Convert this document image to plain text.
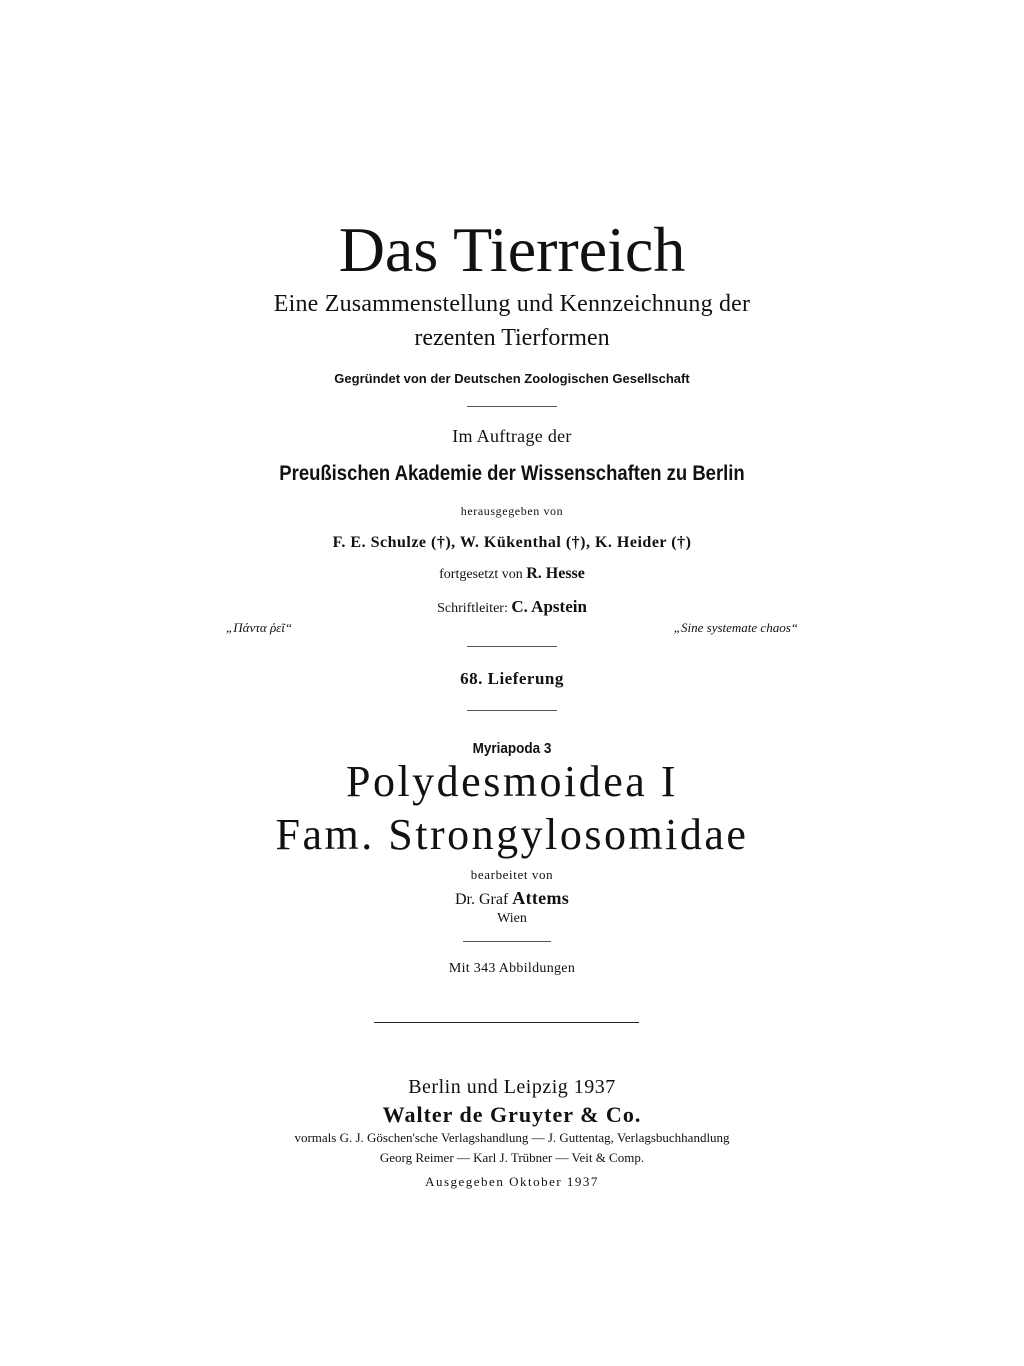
Das Tierreich
Eine Zusammenstellung und Kennzeichnung der
rezenten Tierformen
Gegründet von der Deutschen Zoologischen Gesellschaft
Im Auftrage der
Preußischen Akademie der Wissenschaften zu Berlin
herausgegeben von
F. E. Schulze (†), W. Kükenthal (†), K. Heider (†)
fortgesetzt von R. Hesse
Schriftleiter: C. Apstein
„Πάντα ῥεῖ“	„Sine systemate chaos“
68. Lieferung
Myriapoda 3
Polydesmoidea I
Fam. Strongylosomidae
bearbeitet von
Dr. Graf Attems
Wien
Mit 343 Abbildungen
Berlin und Leipzig 1937
Walter de Gruyter & Co.
vormals G. J. Göschen'sche Verlagshandlung — J. Guttentag, Verlagsbuchhandlung
Georg Reimer — Karl J. Trübner — Veit & Comp.
Ausgegeben Oktober 1937
